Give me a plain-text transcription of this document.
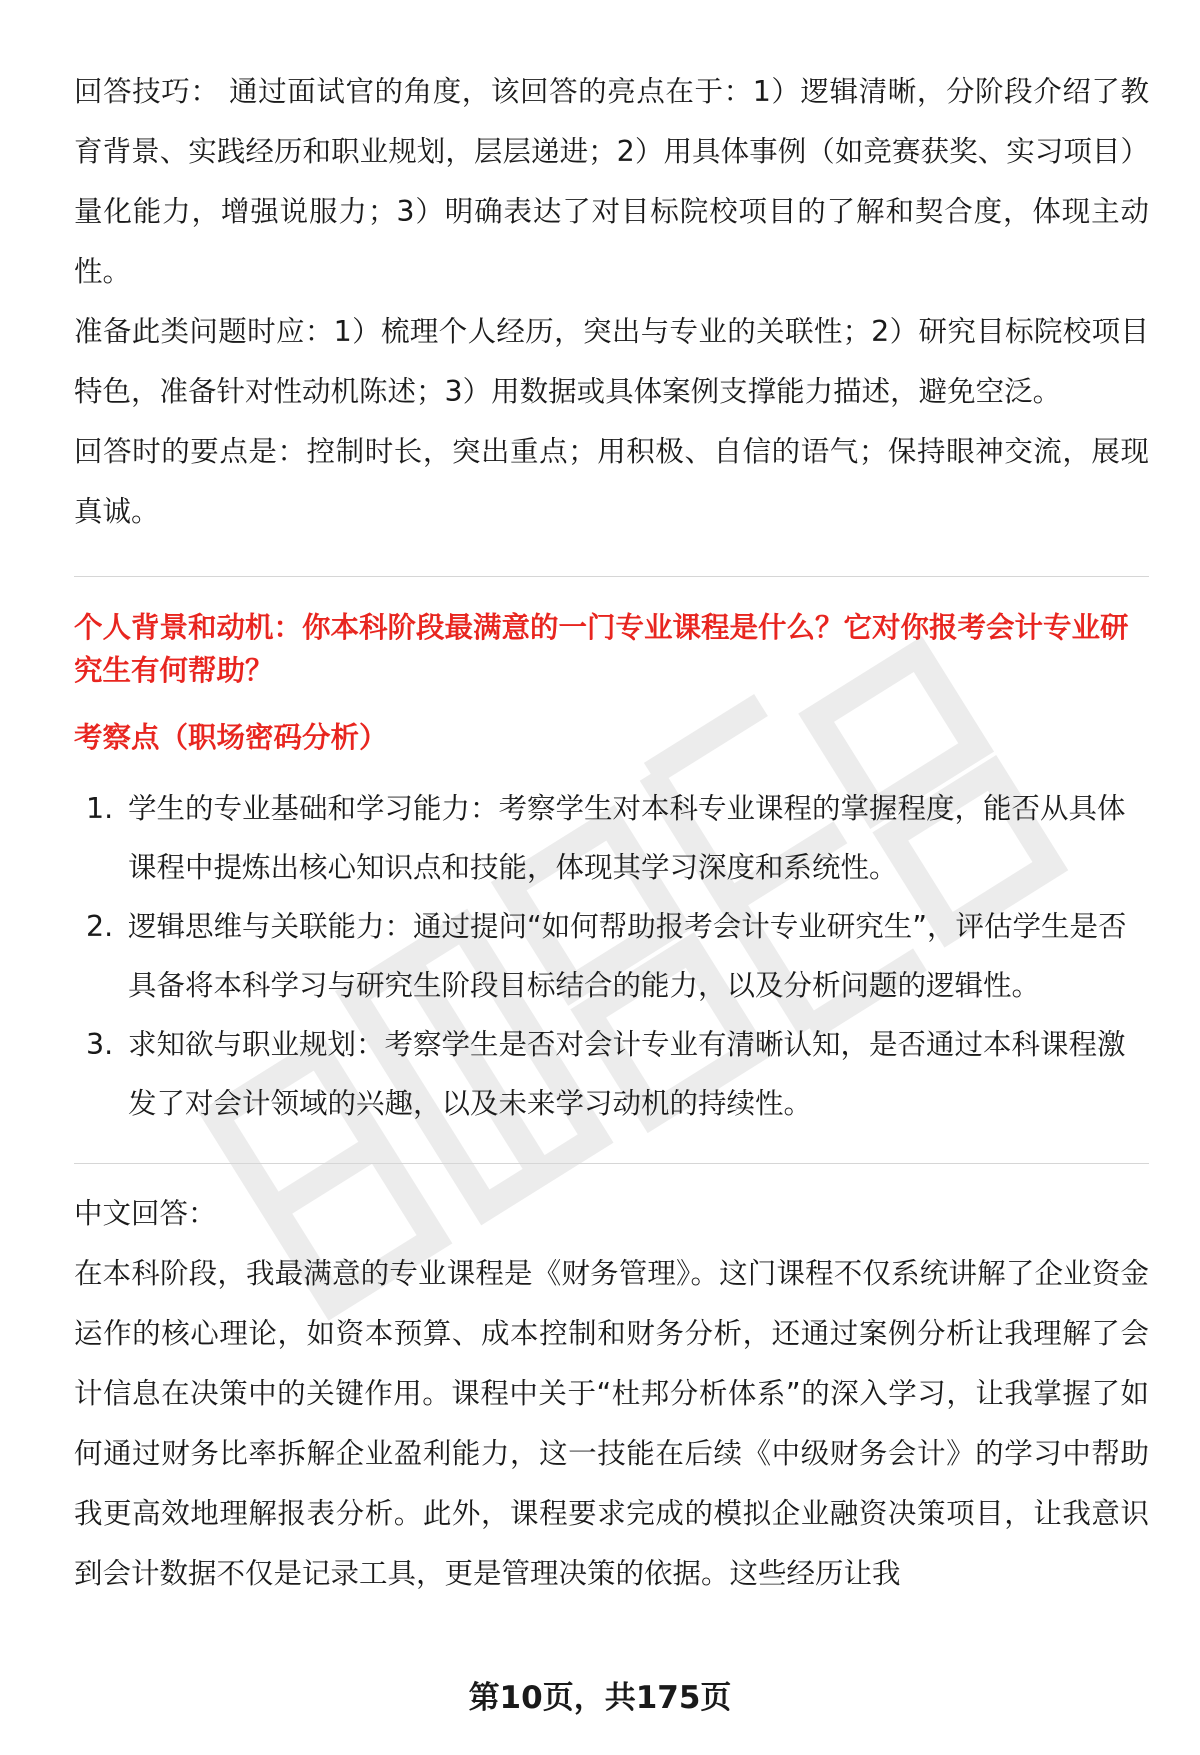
回答技巧： 通过面试官的角度，该回答的亮点在于：1）逻辑清晰，分阶段介绍了教育背景、实践经历和职业规划，层层递进；2）用具体事例（如竞赛获奖、实习项目）量化能力，增强说服力；3）明确表达了对目标院校项目的了解和契合度，体现主动性。

准备此类问题时应：1）梳理个人经历，突出与专业的关联性；2）研究目标院校项目特色，准备针对性动机陈述；3）用数据或具体案例支撑能力描述，避免空泛。

回答时的要点是：控制时长，突出重点；用积极、自信的语气；保持眼神交流，展现真诚。

个人背景和动机：你本科阶段最满意的一门专业课程是什么？它对你报考会计专业研究生有何帮助？

考察点（职场密码分析）

1. 学生的专业基础和学习能力：考察学生对本科专业课程的掌握程度，能否从具体课程中提炼出核心知识点和技能，体现其学习深度和系统性。
2. 逻辑思维与关联能力：通过提问“如何帮助报考会计专业研究生”，评估学生是否具备将本科学习与研究生阶段目标结合的能力，以及分析问题的逻辑性。
3. 求知欲与职业规划：考察学生是否对会计专业有清晰认知，是否通过本科课程激发了对会计领域的兴趣，以及未来学习动机的持续性。

中文回答：

在本科阶段，我最满意的专业课程是《财务管理》。这门课程不仅系统讲解了企业资金运作的核心理论，如资本预算、成本控制和财务分析，还通过案例分析让我理解了会计信息在决策中的关键作用。课程中关于“杜邦分析体系”的深入学习，让我掌握了如何通过财务比率拆解企业盈利能力，这一技能在后续《中级财务会计》的学习中帮助我更高效地理解报表分析。此外，课程要求完成的模拟企业融资决策项目，让我意识到会计数据不仅是记录工具，更是管理决策的依据。这些经历让我

第10页，共175页
